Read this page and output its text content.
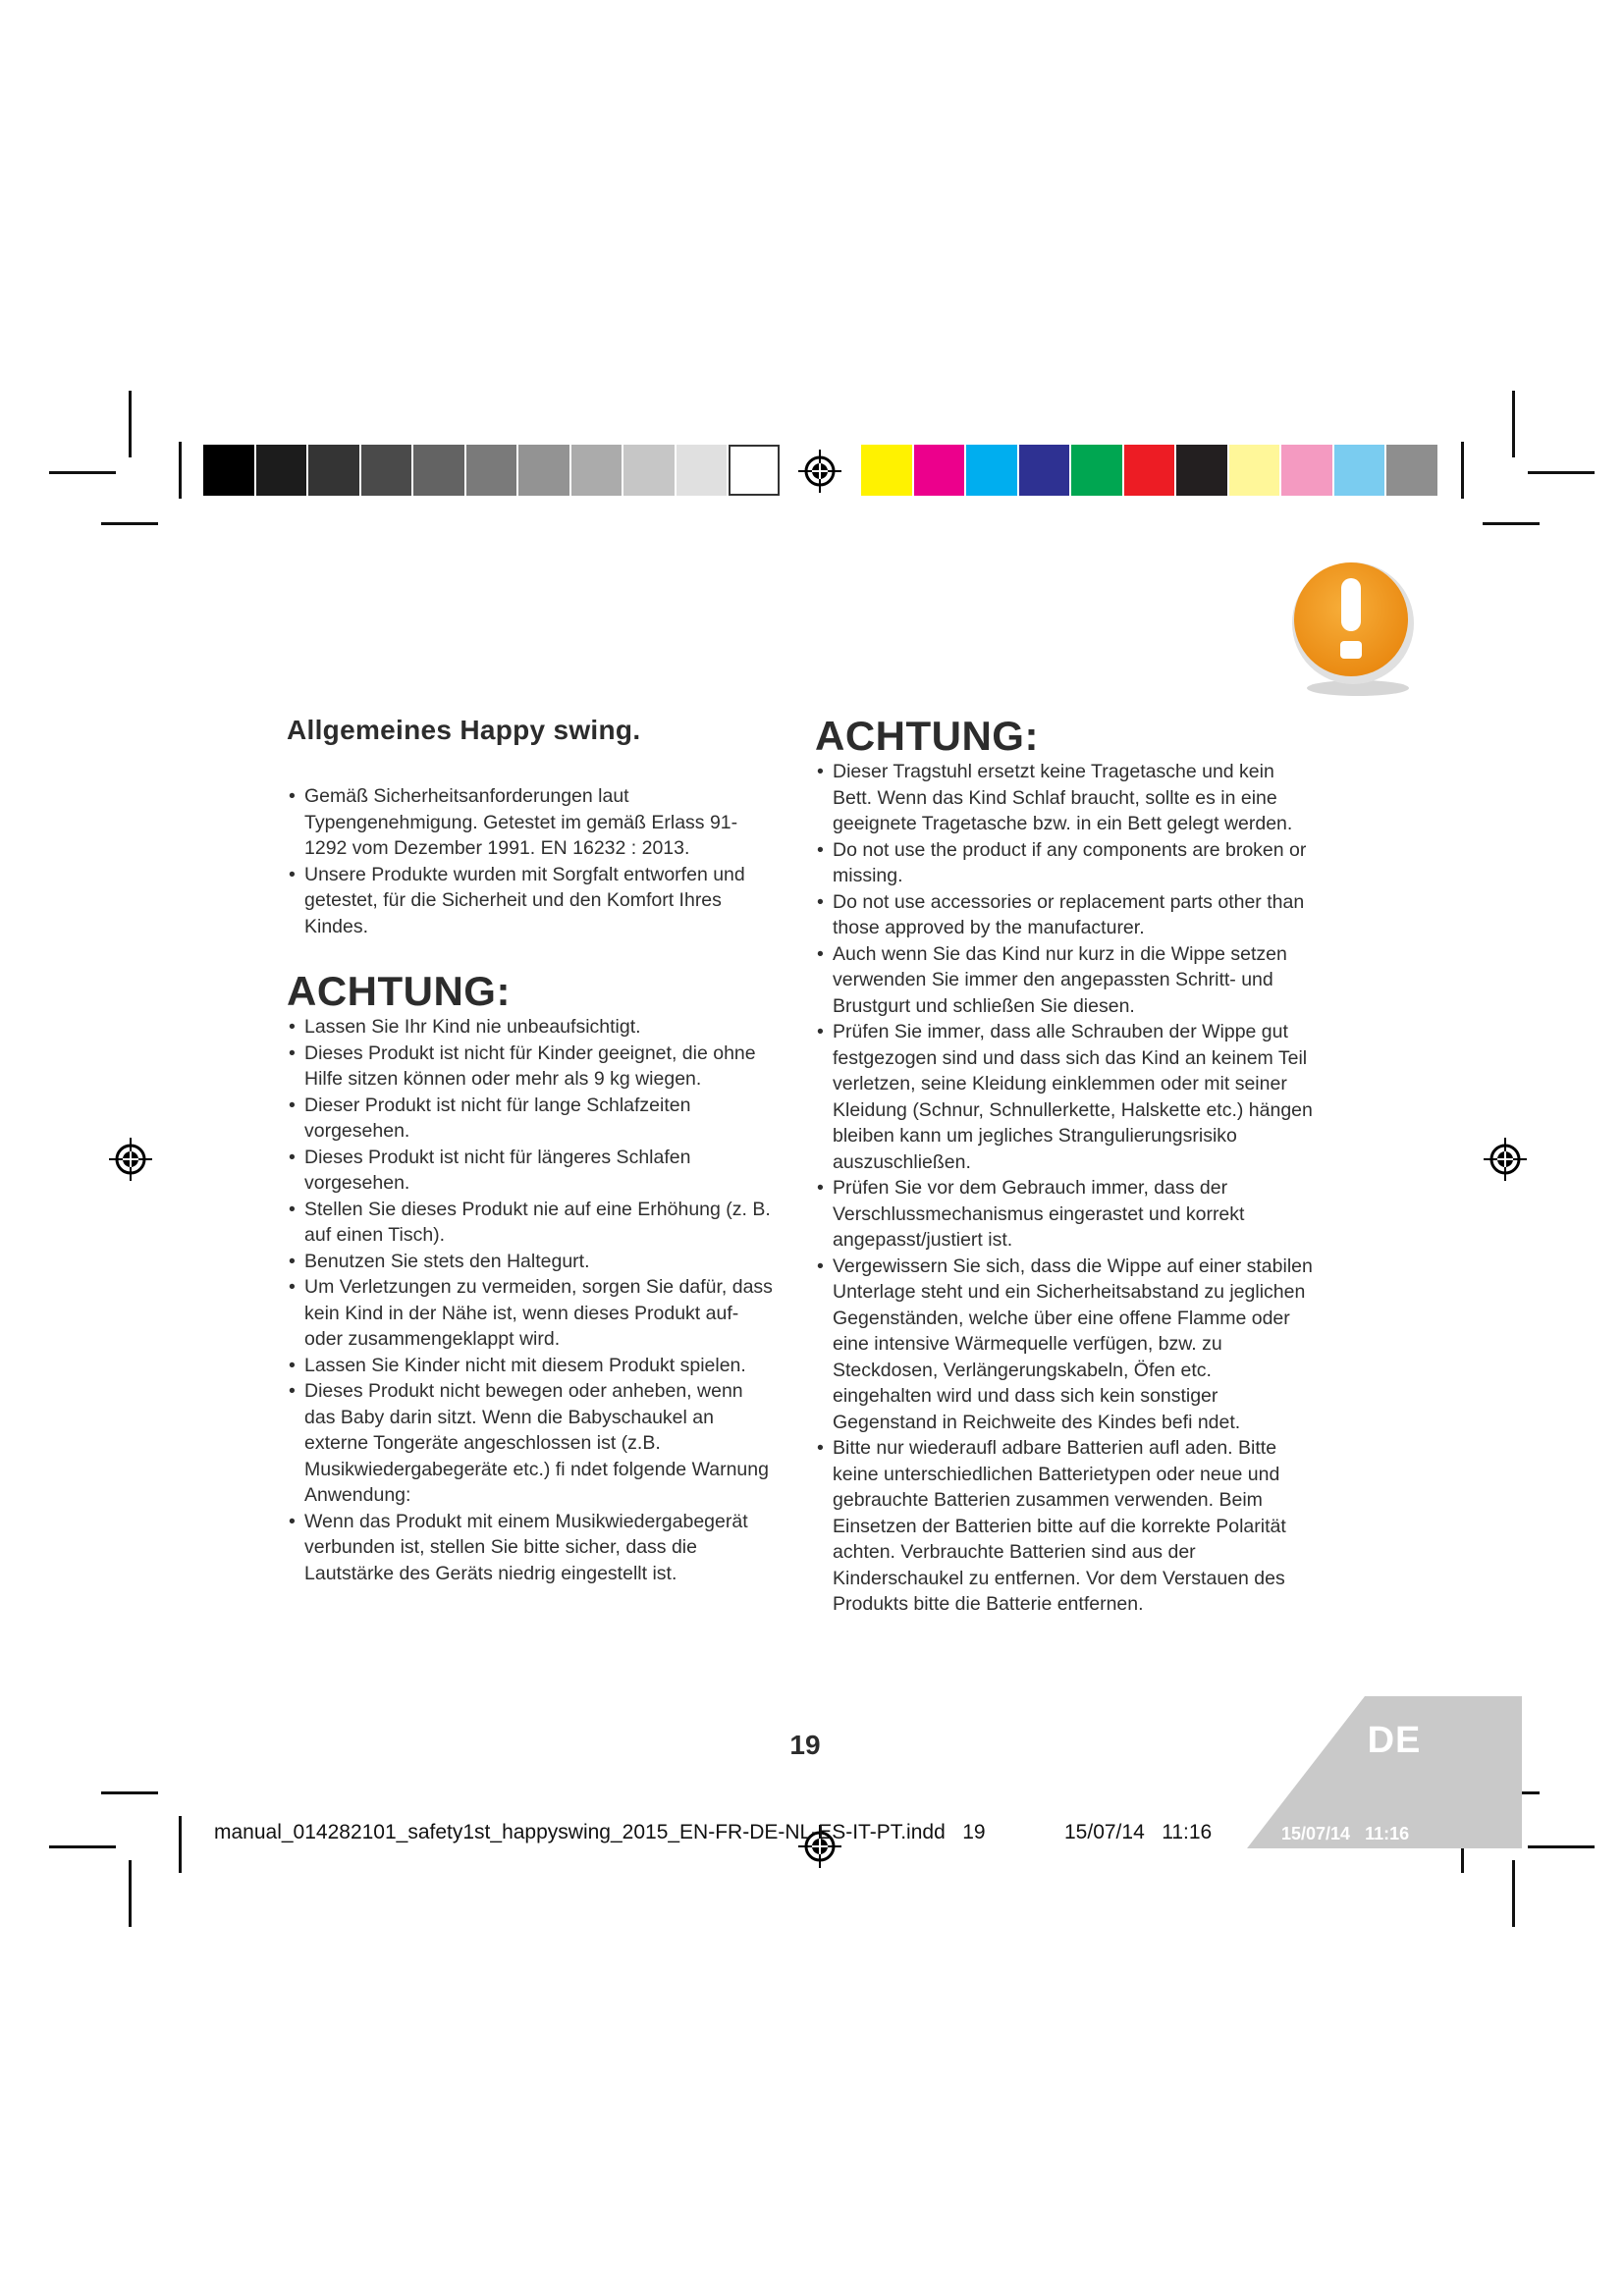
Allgemeines Happy swing.
• Gemäß Sicherheitsanforderungen laut Typengenehmigung. Getestet im gemäß Erlass 91-1292 vom Dezember 1991. EN 16232 : 2013.
• Unsere Produkte wurden mit Sorgfalt entworfen und getestet, für die Sicherheit und den Komfort Ihres Kindes.
ACHTUNG:
• Lassen Sie Ihr Kind nie unbeaufsichtigt.
• Dieses Produkt ist nicht für Kinder geeignet, die ohne Hilfe sitzen können oder mehr als 9 kg wiegen.
• Dieser Produkt ist nicht für lange Schlafzeiten vorgesehen.
• Dieses Produkt ist nicht für längeres Schlafen vorgesehen.
• Stellen Sie dieses Produkt nie auf eine Erhöhung (z. B. auf einen Tisch).
• Benutzen Sie stets den Haltegurt.
• Um Verletzungen zu vermeiden, sorgen Sie dafür, dass kein Kind in der Nähe ist, wenn dieses Produkt auf- oder zusammengeklappt wird.
• Lassen Sie Kinder nicht mit diesem Produkt spielen.
• Dieses Produkt nicht bewegen oder anheben, wenn das Baby darin sitzt. Wenn die Babyschaukel an externe Tongeräte angeschlossen ist (z.B. Musikwiedergabegeräte etc.) fi ndet folgende Warnung Anwendung:
• Wenn das Produkt mit einem Musikwiedergabegerät verbunden ist, stellen Sie bitte sicher, dass die Lautstärke des Geräts niedrig eingestellt ist.
ACHTUNG:
• Dieser Tragstuhl ersetzt keine Tragetasche und kein Bett. Wenn das Kind Schlaf braucht, sollte es in eine geeignete Tragetasche bzw. in ein Bett gelegt werden.
• Do not use the product if any components are broken or missing.
• Do not use accessories or replacement parts other than those approved by the manufacturer.
• Auch wenn Sie das Kind nur kurz in die Wippe setzen verwenden Sie immer den angepassten Schritt- und Brustgurt und schließen Sie diesen.
• Prüfen Sie immer, dass alle Schrauben der Wippe gut festgezogen sind und dass sich das Kind an keinem Teil verletzen, seine Kleidung einklemmen oder mit seiner Kleidung (Schnur, Schnullerkette, Halskette etc.) hängen bleiben kann um jegliches Strangulierungsrisiko auszuschließen.
• Prüfen Sie vor dem Gebrauch immer, dass der Verschlussmechanismus eingerastet und korrekt angepasst/justiert ist.
• Vergewissern Sie sich, dass die Wippe auf einer stabilen Unterlage steht und ein Sicherheitsabstand zu jeglichen Gegenständen, welche über eine offene Flamme oder eine intensive Wärmequelle verfügen, bzw. zu Steckdosen, Verlängerungskabeln, Öfen etc. eingehalten wird und dass sich kein sonstiger Gegenstand in Reichweite des Kindes befi ndet.
• Bitte nur wiederaufl adbare Batterien aufl aden. Bitte keine unterschiedlichen Batterietypen oder neue und gebrauchte Batterien zusammen verwenden. Beim Einsetzen der Batterien bitte auf die korrekte Polarität achten. Verbrauchte Batterien sind aus der Kinderschaukel zu entfernen. Vor dem Verstauen des Produkts bitte die Batterie entfernen.
19	DE
15/07/14   11:16
manual_014282101_safety1st_happyswing_2015_EN-FR-DE-NL-ES-IT-PT.indd   19	15/07/14   11:16
